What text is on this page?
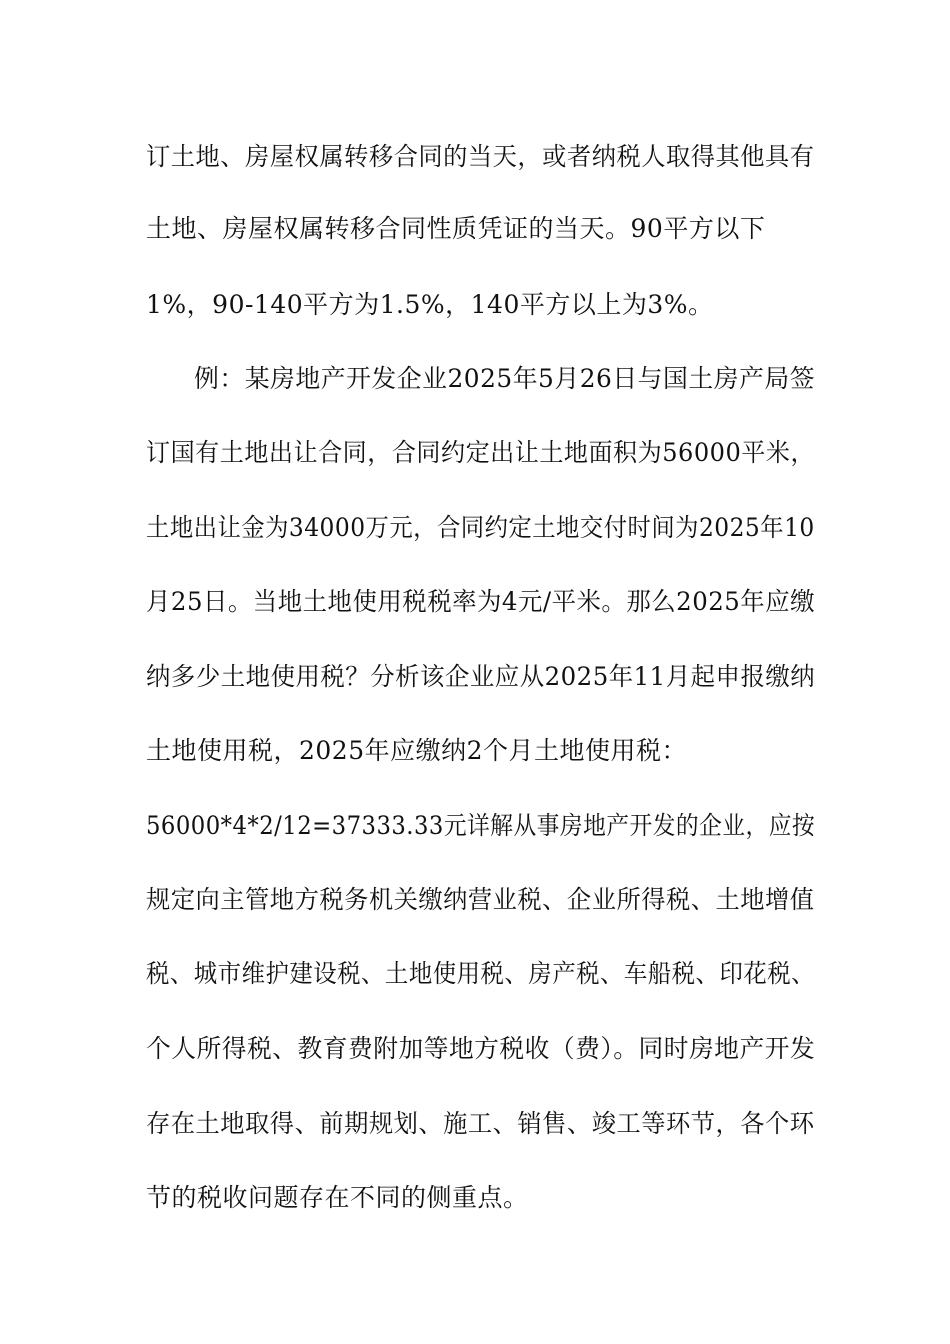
订土地、房屋权属转移合同的当天，或者纳税人取得其他具有
土地、房屋权属转移合同性质凭证的当天。90平方以下
1%，90-140平方为1.5%，140平方以上为3%。
例：某房地产开发企业2025年5月26日与国土房产局签
订国有土地出让合同，合同约定出让土地面积为56000平米，
土地出让金为34000万元，合同约定土地交付时间为2025年10
月25日。当地土地使用税税率为4元/平米。那么2025年应缴
纳多少土地使用税？分析该企业应从2025年11月起申报缴纳
土地使用税，2025年应缴纳2个月土地使用税：
56000*4*2/12=37333.33元详解从事房地产开发的企业，应按
规定向主管地方税务机关缴纳营业税、企业所得税、土地增值
税、城市维护建设税、土地使用税、房产税、车船税、印花税、
个人所得税、教育费附加等地方税收（费）。同时房地产开发
存在土地取得、前期规划、施工、销售、竣工等环节，各个环
节的税收问题存在不同的侧重点。
